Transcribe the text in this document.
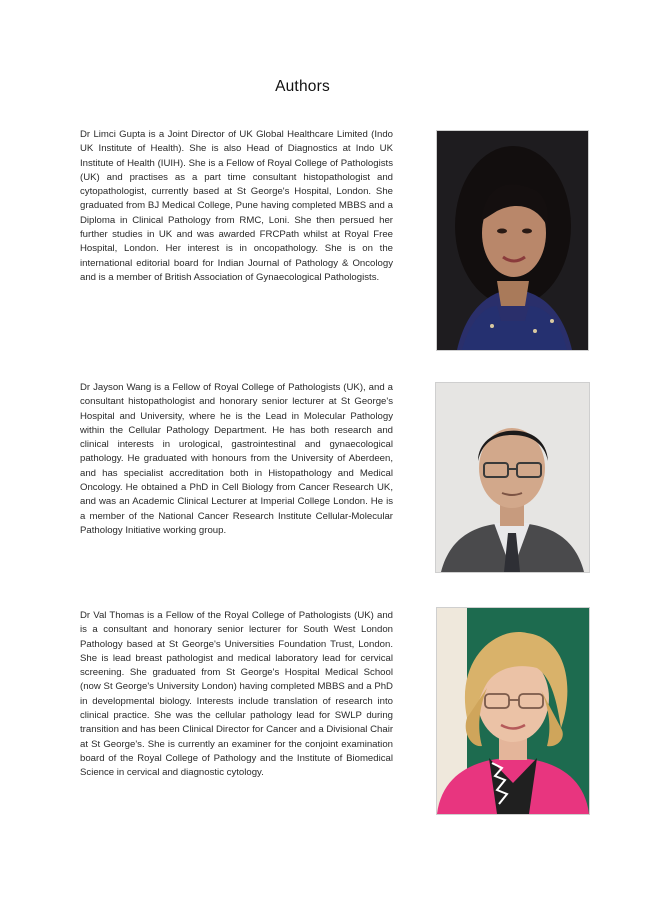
Authors

Dr Limci Gupta is a Joint Director of UK Global Healthcare Limited (Indo UK Institute of Health). She is also Head of Diagnostics at Indo UK Institute of Health (IUIH). She is a Fellow of Royal College of Pathologists (UK) and practises as a part time consultant histopathologist and cytopathologist, currently based at St George's Hospital, London. She graduated from BJ Medical College, Pune having completed MBBS and a Diploma in Clinical Pathology from RMC, Loni. She then persued her further studies in UK and was awarded FRCPath whilst at Royal Free Hospital, London. Her interest is in oncopathology. She is on the international editorial board for Indian Journal of Pathology & Oncology and is a member of British Association of Gynaecological Pathologists.

Dr Jayson Wang is a Fellow of Royal College of Pathologists (UK), and a consultant histopathologist and honorary senior lecturer at St George's Hospital and University, where he is the Lead in Molecular Pathology within the Cellular Pathology Department. He has both research and clinical interests in urological, gastrointestinal and gynaecological pathology. He graduated with honours from the University of Aberdeen, and has specialist accreditation both in Histopathology and Medical Oncology. He obtained a PhD in Cell Biology from Cancer Research UK, and was an Academic Clinical Lecturer at Imperial College London. He is a member of the National Cancer Research Institute Cellular-Molecular Pathology Initiative working group.

Dr Val Thomas is a Fellow of the Royal College of Pathologists (UK) and is a consultant and honorary senior lecturer for South West London Pathology based at St George's Universities Foundation Trust, London. She is lead breast pathologist and medical laboratory lead for cervical screening. She graduated from St George's Hospital Medical School (now St George's University London) having completed MBBS and a PhD in developmental biology. Interests include translation of research into clinical practice. She was the cellular pathology lead for SWLP during transition and has been Clinical Director for Cancer and a Divisional Chair at St George's. She is currently an examiner for the conjoint examination board of the Royal College of Pathology and the Institute of Biomedical Science in cervical and diagnostic cytology.
